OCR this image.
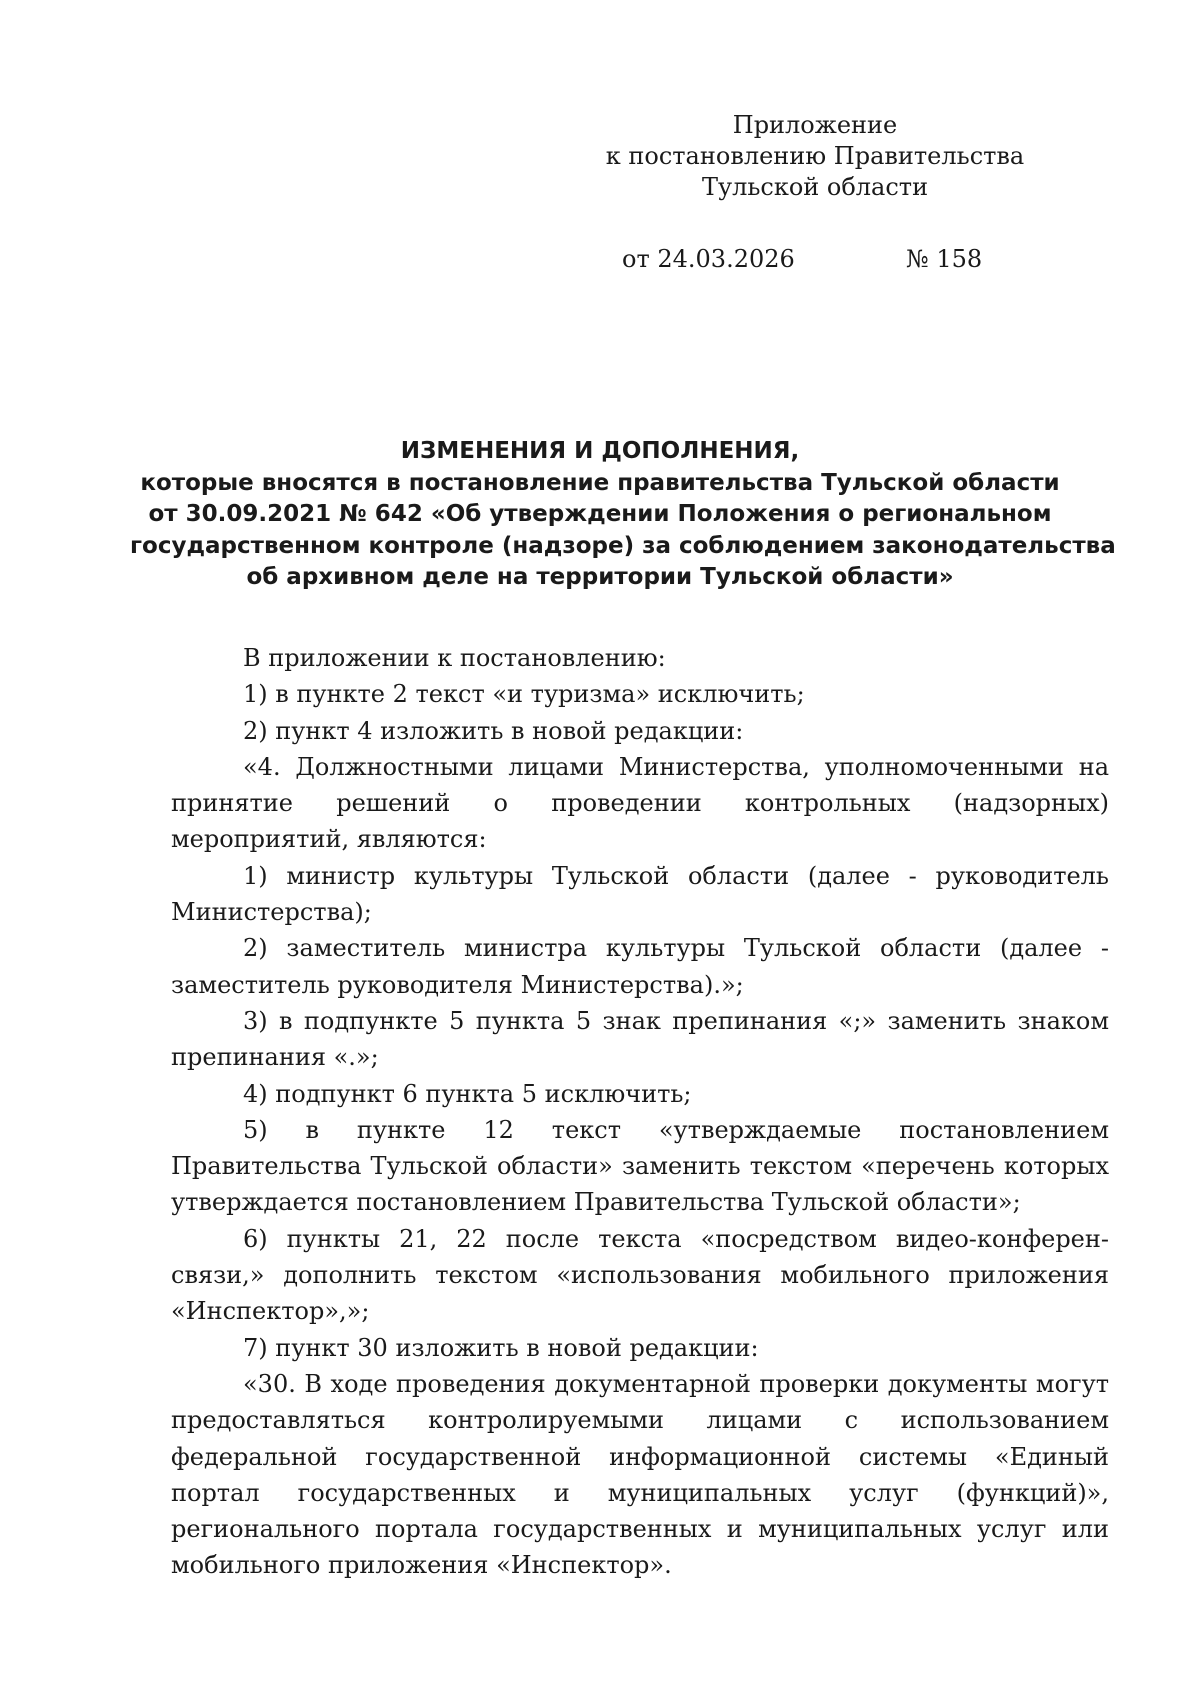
Приложение
к постановлению Правительства
Тульской области
от 24.03.2026	№ 158
ИЗМЕНЕНИЯ И ДОПОЛНЕНИЯ,
которые вносятся в постановление правительства Тульской области
от 30.09.2021 № 642 «Об утверждении Положения о региональном
государственном контроле (надзоре) за соблюдением законодательства
об архивном деле на территории Тульской области»

В приложении к постановлению:

1) в пункте 2 текст «и туризма» исключить;

2) пункт 4 изложить в новой редакции:

«4. Должностными лицами Министерства, уполномоченными на принятие решений о проведении контрольных (надзорных) мероприятий, являются:

1) министр культуры Тульской области (далее - руководитель Министерства);

2) заместитель министра культуры Тульской области (далее - заместитель руководителя Министерства).»;

3) в подпункте 5 пункта 5 знак препинания «;» заменить знаком препинания «.»;

4) подпункт 6 пункта 5 исключить;

5) в пункте 12 текст «утверждаемые постановлением Правительства Тульской области» заменить текстом «перечень которых утверждается постановлением Правительства Тульской области»;

6) пункты 21, 22 после текста «посредством видео-конферен-связи,» дополнить текстом «использования мобильного приложения «Инспектор»,»;

7) пункт 30 изложить в новой редакции:

«30. В ходе проведения документарной проверки документы могут предоставляться контролируемыми лицами с использованием федеральной государственной информационной системы «Единый портал государственных и муниципальных услуг (функций)», регионального портала государственных и муниципальных услуг или мобильного приложения «Инспектор».
